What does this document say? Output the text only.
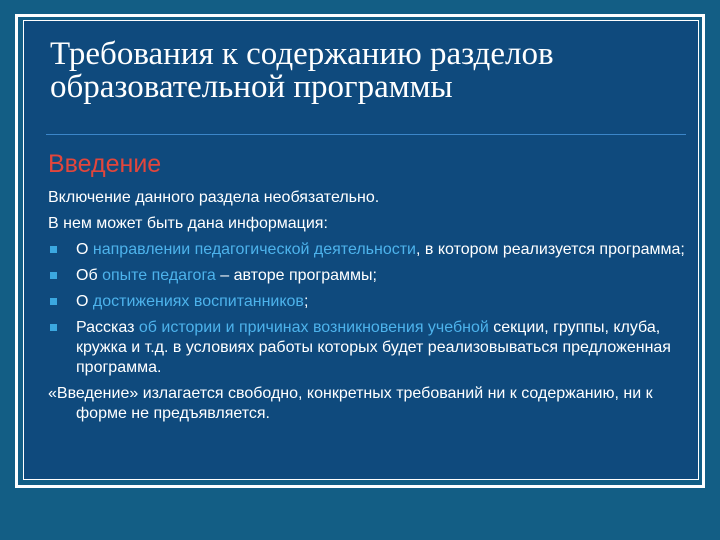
Требования к содержанию разделов
образовательной программы
Введение
Включение данного раздела необязательно.
В нем может быть дана информация:
О направлении педагогической деятельности, в котором реализуется программа;
Об опыте педагога – авторе программы;
О достижениях воспитанников;
Рассказ об истории и причинах возникновения учебной секции, группы, клуба, кружка и т.д. в условиях работы которых будет реализовываться предложенная программа.
«Введение» излагается свободно, конкретных требований ни к содержанию, ни к форме не предъявляется.
